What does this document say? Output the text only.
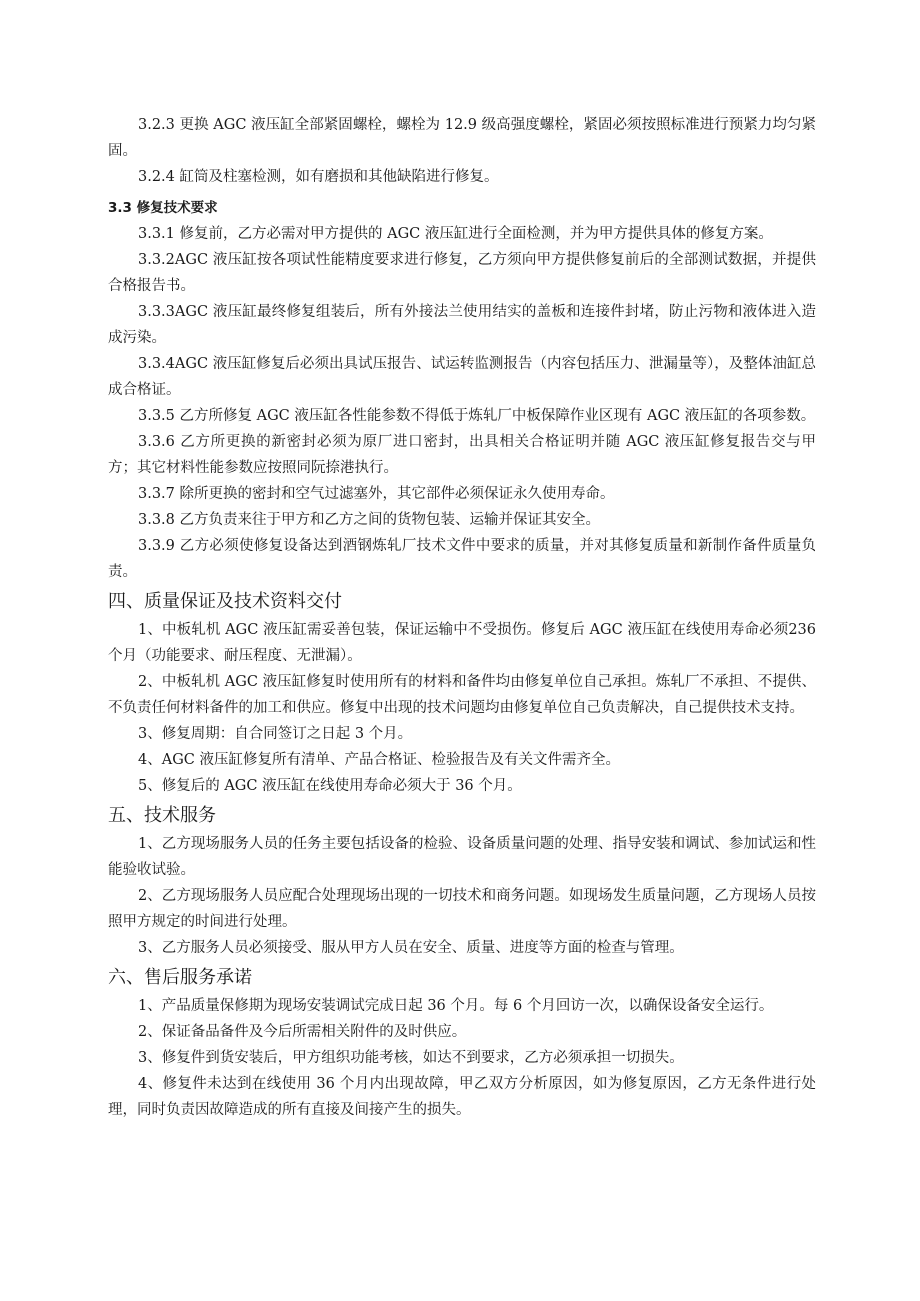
3.2.3 更换 AGC 液压缸全部紧固螺栓，螺栓为 12.9 级高强度螺栓，紧固必须按照标准进行预紧力均匀紧固。

3.2.4 缸筒及柱塞检测，如有磨损和其他缺陷进行修复。

3.3 修复技术要求

3.3.1 修复前，乙方必需对甲方提供的 AGC 液压缸进行全面检测，并为甲方提供具体的修复方案。

3.3.2AGC 液压缸按各项试性能精度要求进行修复，乙方须向甲方提供修复前后的全部测试数据，并提供合格报告书。

3.3.3AGC 液压缸最终修复组装后，所有外接法兰使用结实的盖板和连接件封堵，防止污物和液体进入造成污染。

3.3.4AGC 液压缸修复后必须出具试压报告、试运转监测报告（内容包括压力、泄漏量等），及整体油缸总成合格证。

3.3.5 乙方所修复 AGC 液压缸各性能参数不得低于炼轧厂中板保障作业区现有 AGC 液压缸的各项参数。

3.3.6 乙方所更换的新密封必须为原厂进口密封，出具相关合格证明并随 AGC 液压缸修复报告交与甲方；其它材料性能参数应按照同阮捺港执行。

3.3.7 除所更换的密封和空气过滤塞外，其它部件必须保证永久使用寿命。

3.3.8 乙方负责来往于甲方和乙方之间的货物包装、运输并保证其安全。

3.3.9 乙方必须使修复设备达到酒钢炼轧厂技术文件中要求的质量，并对其修复质量和新制作备件质量负责。

四、质量保证及技术资料交付

1、中板轧机 AGC 液压缸需妥善包装，保证运输中不受损伤。修复后 AGC 液压缸在线使用寿命必须236 个月（功能要求、耐压程度、无泄漏）。

2、中板轧机 AGC 液压缸修复时使用所有的材料和备件均由修复单位自己承担。炼轧厂不承担、不提供、不负责任何材料备件的加工和供应。修复中出现的技术问题均由修复单位自己负责解决，自己提供技术支持。

3、修复周期：自合同签订之日起 3 个月。

4、AGC 液压缸修复所有清单、产品合格证、检验报告及有关文件需齐全。

5、修复后的 AGC 液压缸在线使用寿命必须大于 36 个月。

五、技术服务

1、乙方现场服务人员的任务主要包括设备的检验、设备质量问题的处理、指导安装和调试、参加试运和性能验收试验。

2、乙方现场服务人员应配合处理现场出现的一切技术和商务问题。如现场发生质量问题，乙方现场人员按照甲方规定的时间进行处理。

3、乙方服务人员必须接受、服从甲方人员在安全、质量、进度等方面的检查与管理。

六、售后服务承诺

1、产品质量保修期为现场安装调试完成日起 36 个月。每 6 个月回访一次，以确保设备安全运行。

2、保证备品备件及今后所需相关附件的及时供应。

3、修复件到货安装后，甲方组织功能考核，如达不到要求，乙方必须承担一切损失。

4、修复件未达到在线使用 36 个月内出现故障，甲乙双方分析原因，如为修复原因，乙方无条件进行处理，同时负责因故障造成的所有直接及间接产生的损失。
